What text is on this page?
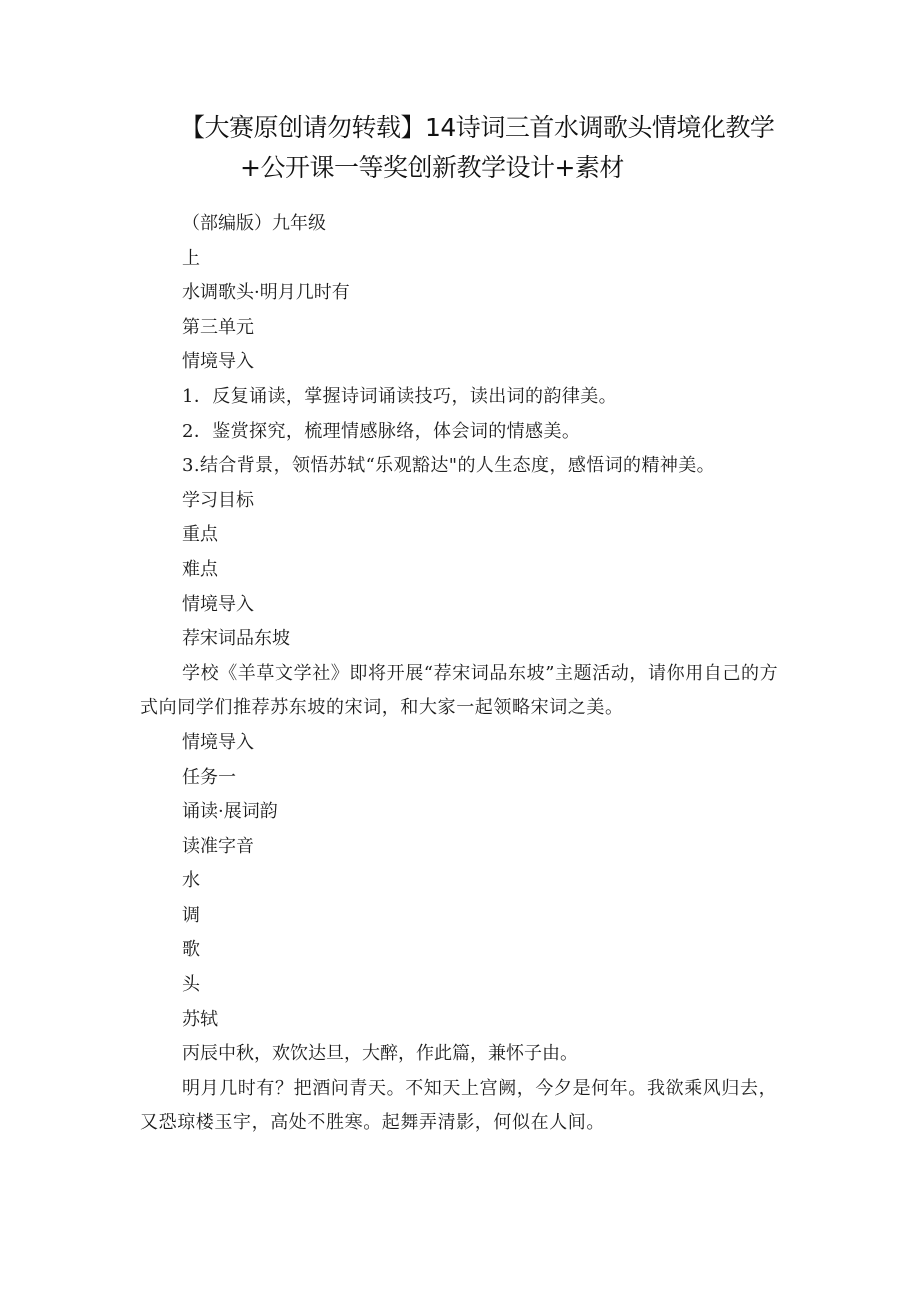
【大赛原创请勿转载】14诗词三首水调歌头情境化教学
+公开课一等奖创新教学设计+素材

（部编版）九年级

上

水调歌头·明月几时有

第三单元

情境导入

1．反复诵读，掌握诗词诵读技巧，读出词的韵律美。

2．鉴赏探究，梳理情感脉络，体会词的情感美。

3.结合背景，领悟苏轼“乐观豁达"的人生态度，感悟词的精神美。

学习目标

重点

难点

情境导入

荐宋词品东坡

学校《羊草文学社》即将开展“荐宋词品东坡”主题活动，请你用自己的方式向同学们推荐苏东坡的宋词，和大家一起领略宋词之美。

情境导入

任务一

诵读·展词韵

读准字音

水

调

歌

头

苏轼

丙辰中秋，欢饮达旦，大醉，作此篇，兼怀子由。

明月几时有？把酒问青天。不知天上宫阙，今夕是何年。我欲乘风归去，又恐琼楼玉宇，高处不胜寒。起舞弄清影，何似在人间。
